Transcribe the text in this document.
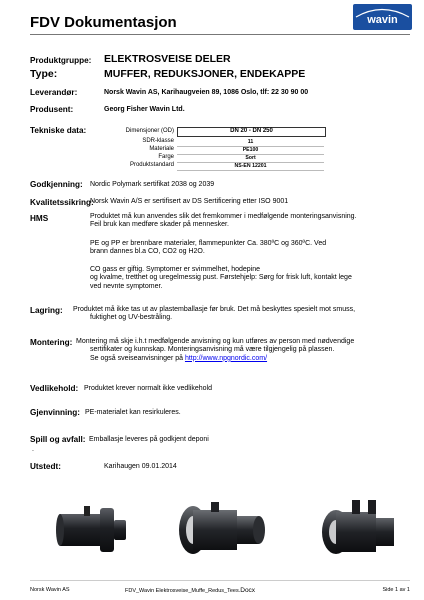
FDV Dokumentasjon	wavin
Produktgruppe: ELEKTROSVEISE DELER
Type:	MUFFER, REDUKSJONER, ENDEKAPPE
Leverandør:	Norsk Wavin AS, Karihaugveien 89, 1086 Oslo, tlf: 22 30 90 00
Produsent:	Georg Fisher Wavin Ltd.
Tekniske data:	Dimensjoner (OD)	DN 20 - DN 250
SDR-klasse	11
Materiale	PE100
Farge	Sort
Produktstandard	NS-EN 12201
Godkjenning: Nordic Polymark sertifikat 2038 og 2039
Kvalitetssikring:
Norsk Wavin A/S er sertifisert av DS Sertificering etter ISO 9001
HMS	Produktet må kun anvendes slik det fremkommer i medfølgende monteringsanvisning.
Feil bruk kan medføre skader på mennesker.
PE og PP er brennbare materialer, flammepunkter Ca. 380ºC og 360ºC. Ved
brann dannes bl.a CO, CO2 og H2O.
CO gass er giftig. Symptomer er svimmelhet, hodepine
og kvalme, tretthet og uregelmessig pust. Førstehjelp: Sørg for frisk luft, kontakt lege
ved nevnte symptomer.
Lagring: Produktet må ikke tas ut av plastemballasje før bruk. Det må beskyttes spesielt mot smuss,
fuktighet og UV-bestråling.
Montering: Montering må skje i.h.t medfølgende anvisning og kun utføres av person med nødvendige
sertifikater og kunnskap. Monteringsanvisning må være tilgjengelig på plassen.
Se også sveiseanvisninger på http://www.npgnordic.com/
Vedlikehold: Produktet krever normalt ikke vedlikehold
Gjenvinning: PE-materialet kan resirkuleres.
Spill og avfall: Emballasje leveres på godkjent deponi
.
Utstedt:	Karihaugen 09.01.2014
Norsk Wavin AS	FDV_Wavin Elektrosveise_Muffe_Redus_Tees.Docx	Side 1 av 1
